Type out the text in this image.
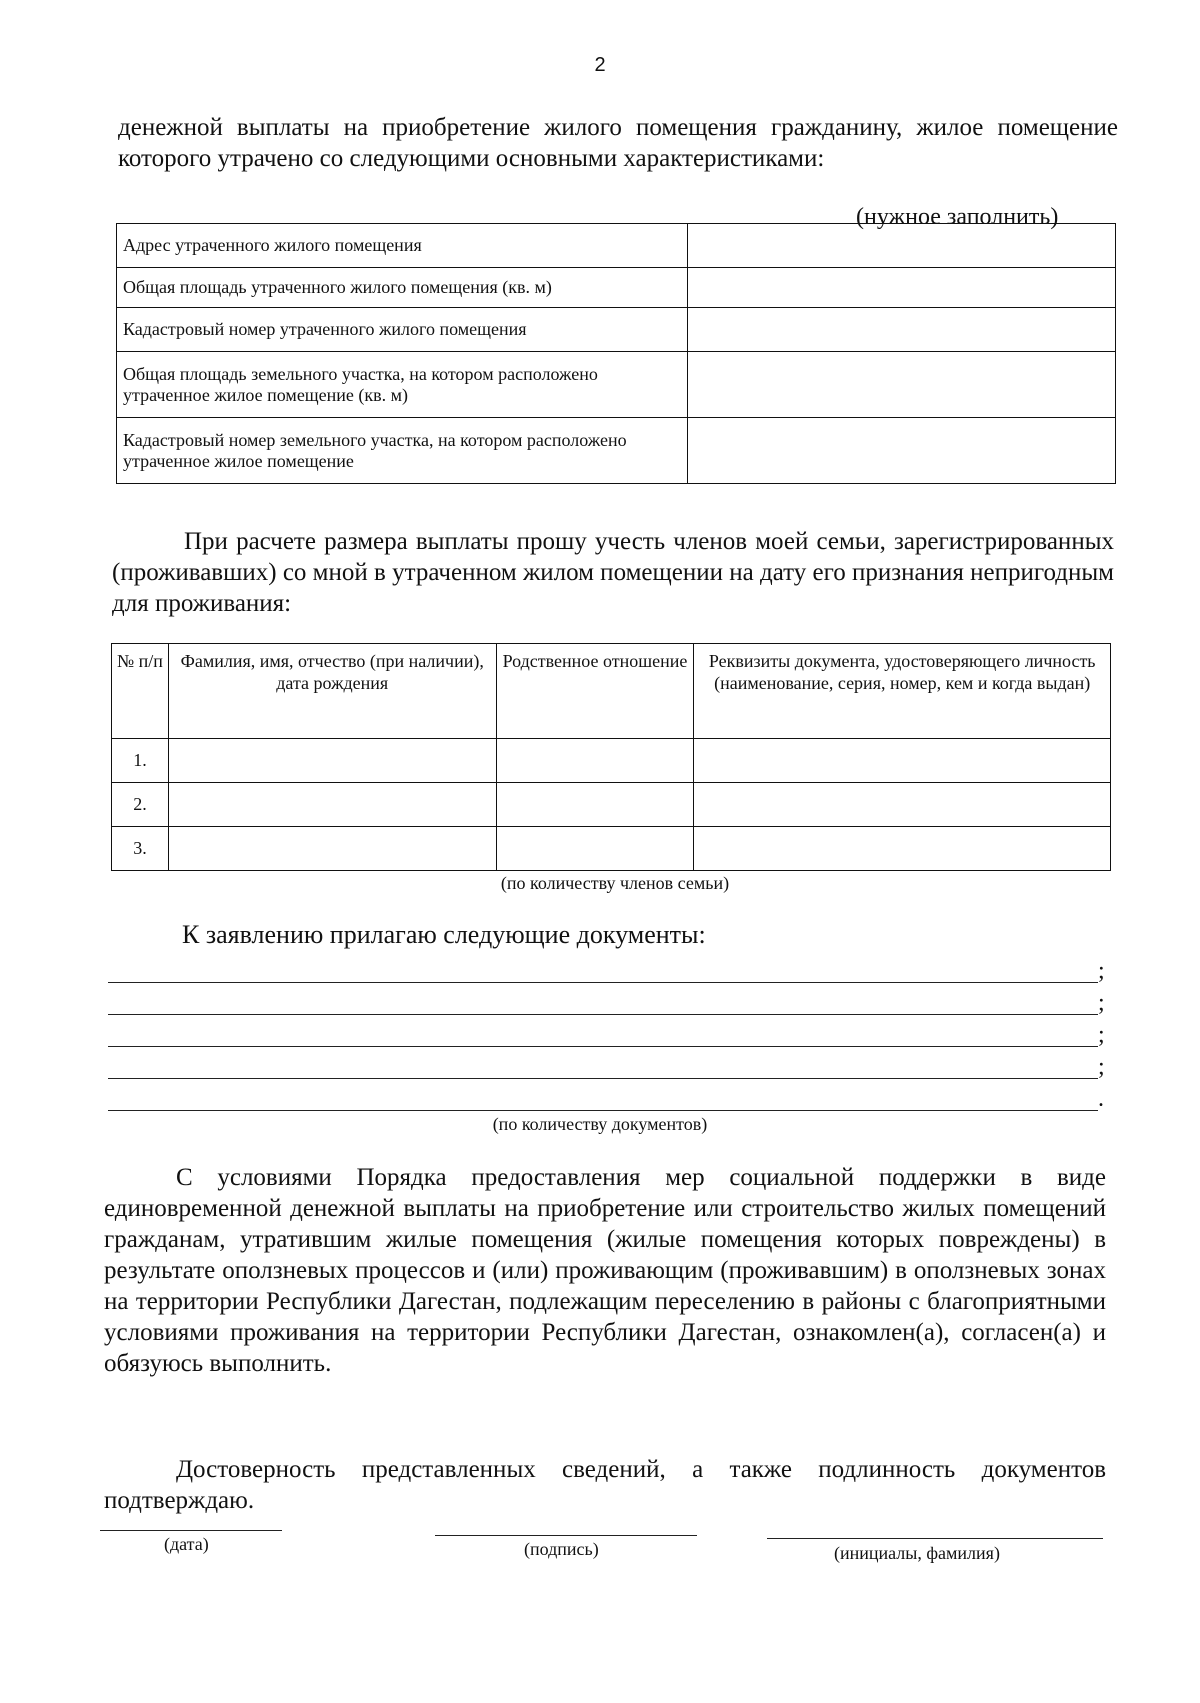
2
денежной выплаты на приобретение жилого помещения гражданину, жилое помещение которого утрачено со следующими основными характеристиками:
(нужное заполнить)
Адрес утраченного жилого помещения	
Общая площадь утраченного жилого помещения (кв. м)	
Кадастровый номер утраченного жилого помещения	
Общая площадь земельного участка, на котором расположено утраченное жилое помещение (кв. м)	
Кадастровый номер земельного участка, на котором расположено утраченное жилое помещение	
При расчете размера выплаты прошу учесть членов моей семьи, зарегистрированных (проживавших) со мной в утраченном жилом помещении на дату его признания непригодным для проживания:
№ п/п	Фамилия, имя, отчество (при наличии), дата рождения	Родственное отношение	Реквизиты документа, удостоверяющего личность (наименование, серия, номер, кем и когда выдан)
1.			
2.			
3.			
(по количеству членов семьи)
К заявлению прилагаю следующие документы:
;
;
;
;
.
(по количеству документов)
С условиями Порядка предоставления мер социальной поддержки в виде единовременной денежной выплаты на приобретение или строительство жилых помещений гражданам, утратившим жилые помещения (жилые помещения которых повреждены) в результате оползневых процессов и (или) проживающим (проживавшим) в оползневых зонах на территории Республики Дагестан, подлежащим переселению в районы с благоприятными условиями проживания на территории Республики Дагестан, ознакомлен(а), согласен(а) и обязуюсь выполнить.
Достоверность представленных сведений, а также подлинность документов подтверждаю.
(дата)	(подпись)	(инициалы, фамилия)
